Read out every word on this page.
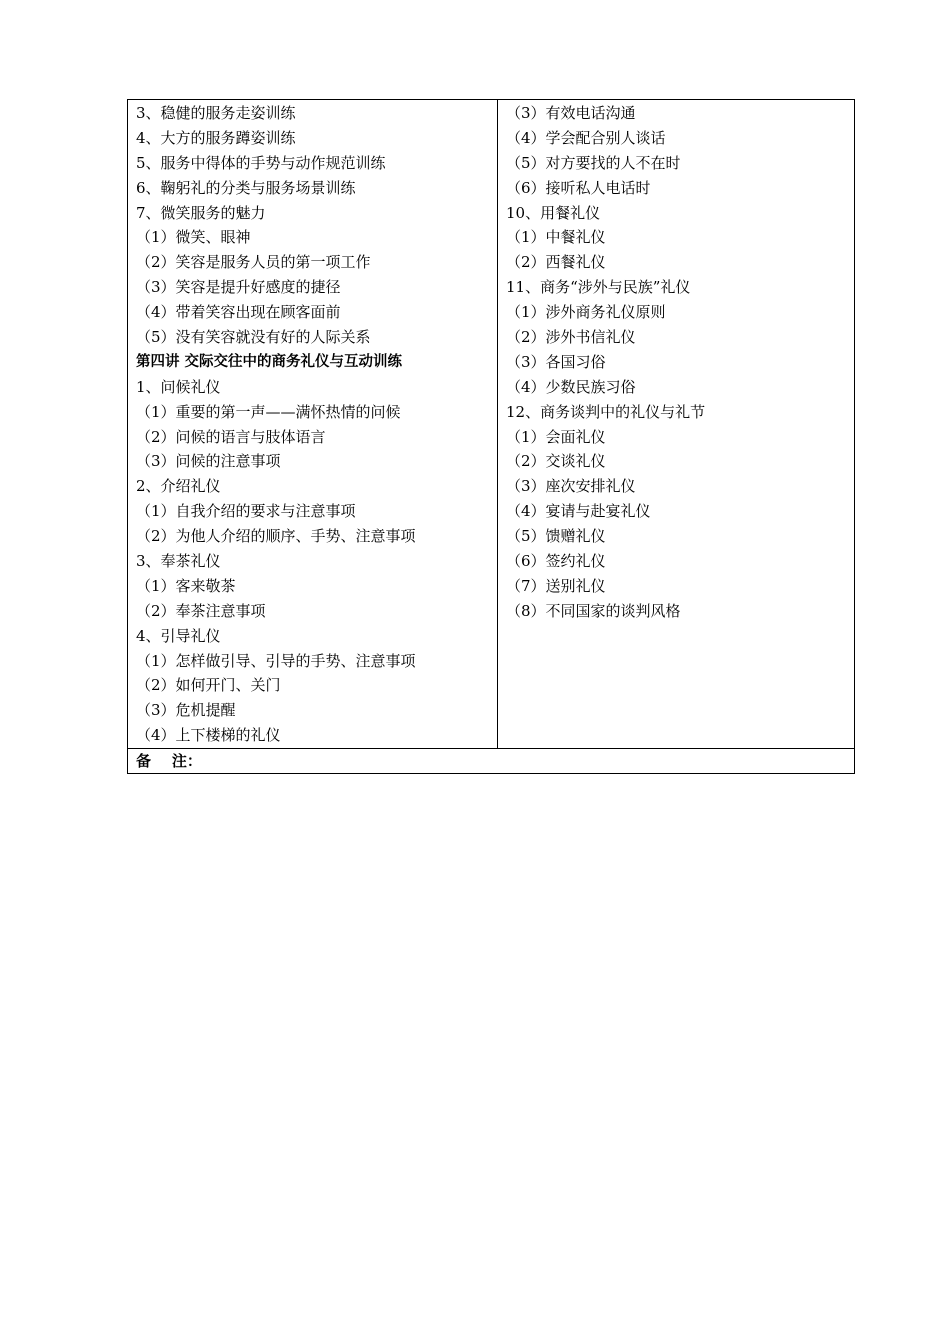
3、稳健的服务走姿训练
4、大方的服务蹲姿训练
5、服务中得体的手势与动作规范训练
6、鞠躬礼的分类与服务场景训练
7、微笑服务的魅力
（1）微笑、眼神
（2）笑容是服务人员的第一项工作
（3）笑容是提升好感度的捷径
（4）带着笑容出现在顾客面前
（5）没有笑容就没有好的人际关系
第四讲 交际交往中的商务礼仪与互动训练
1、问候礼仪
（1）重要的第一声——满怀热情的问候
（2）问候的语言与肢体语言
（3）问候的注意事项
2、介绍礼仪
（1）自我介绍的要求与注意事项
（2）为他人介绍的顺序、手势、注意事项
3、奉茶礼仪
（1）客来敬茶
（2）奉茶注意事项
4、引导礼仪
（1）怎样做引导、引导的手势、注意事项
（2）如何开门、关门
（3）危机提醒
（4）上下楼梯的礼仪

（3）有效电话沟通
（4）学会配合别人谈话
（5）对方要找的人不在时
（6）接听私人电话时
10、用餐礼仪
（1）中餐礼仪
（2）西餐礼仪
11、商务“涉外与民族”礼仪
（1）涉外商务礼仪原则
（2）涉外书信礼仪
（3）各国习俗
（4）少数民族习俗
12、商务谈判中的礼仪与礼节
（1）会面礼仪
（2）交谈礼仪
（3）座次安排礼仪
（4）宴请与赴宴礼仪
（5）馈赠礼仪
（6）签约礼仪
（7）送别礼仪
（8）不同国家的谈判风格

备    注：
